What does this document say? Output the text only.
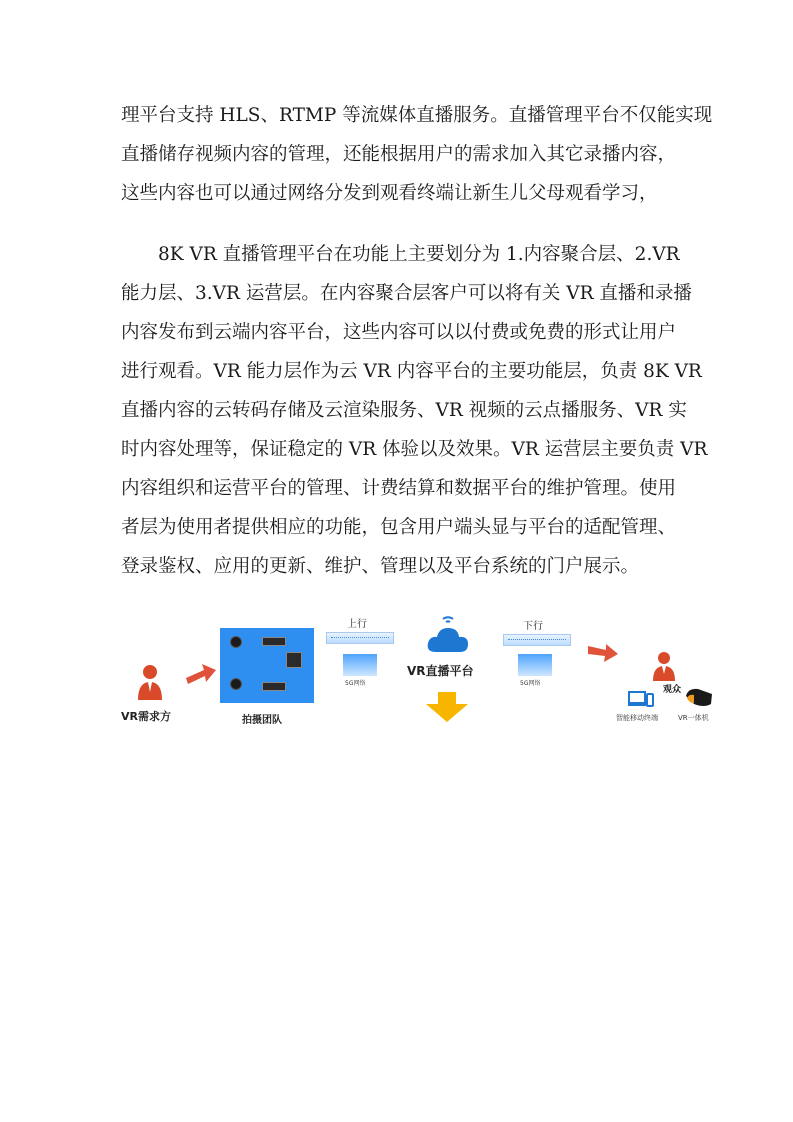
理平台支持 HLS、RTMP 等流媒体直播服务。直播管理平台不仅能实现
直播储存视频内容的管理，还能根据用户的需求加入其它录播内容，
这些内容也可以通过网络分发到观看终端让新生儿父母观看学习，
8K VR 直播管理平台在功能上主要划分为 1.内容聚合层、2.VR
能力层、3.VR 运营层。在内容聚合层客户可以将有关 VR 直播和录播
内容发布到云端内容平台，这些内容可以以付费或免费的形式让用户
进行观看。VR 能力层作为云 VR 内容平台的主要功能层，负责 8K VR
直播内容的云转码存储及云渲染服务、VR 视频的云点播服务、VR 实
时内容处理等，保证稳定的 VR 体验以及效果。VR 运营层主要负责 VR
内容组织和运营平台的管理、计费结算和数据平台的维护管理。使用
者层为使用者提供相应的功能，包含用户端头显与平台的适配管理、
登录鉴权、应用的更新、维护、管理以及平台系统的门户展示。
VR需求方	拍摄团队
上行
5G网络
VR直播平台
下行
5G网络
观众
智能移动终端	VR一体机
